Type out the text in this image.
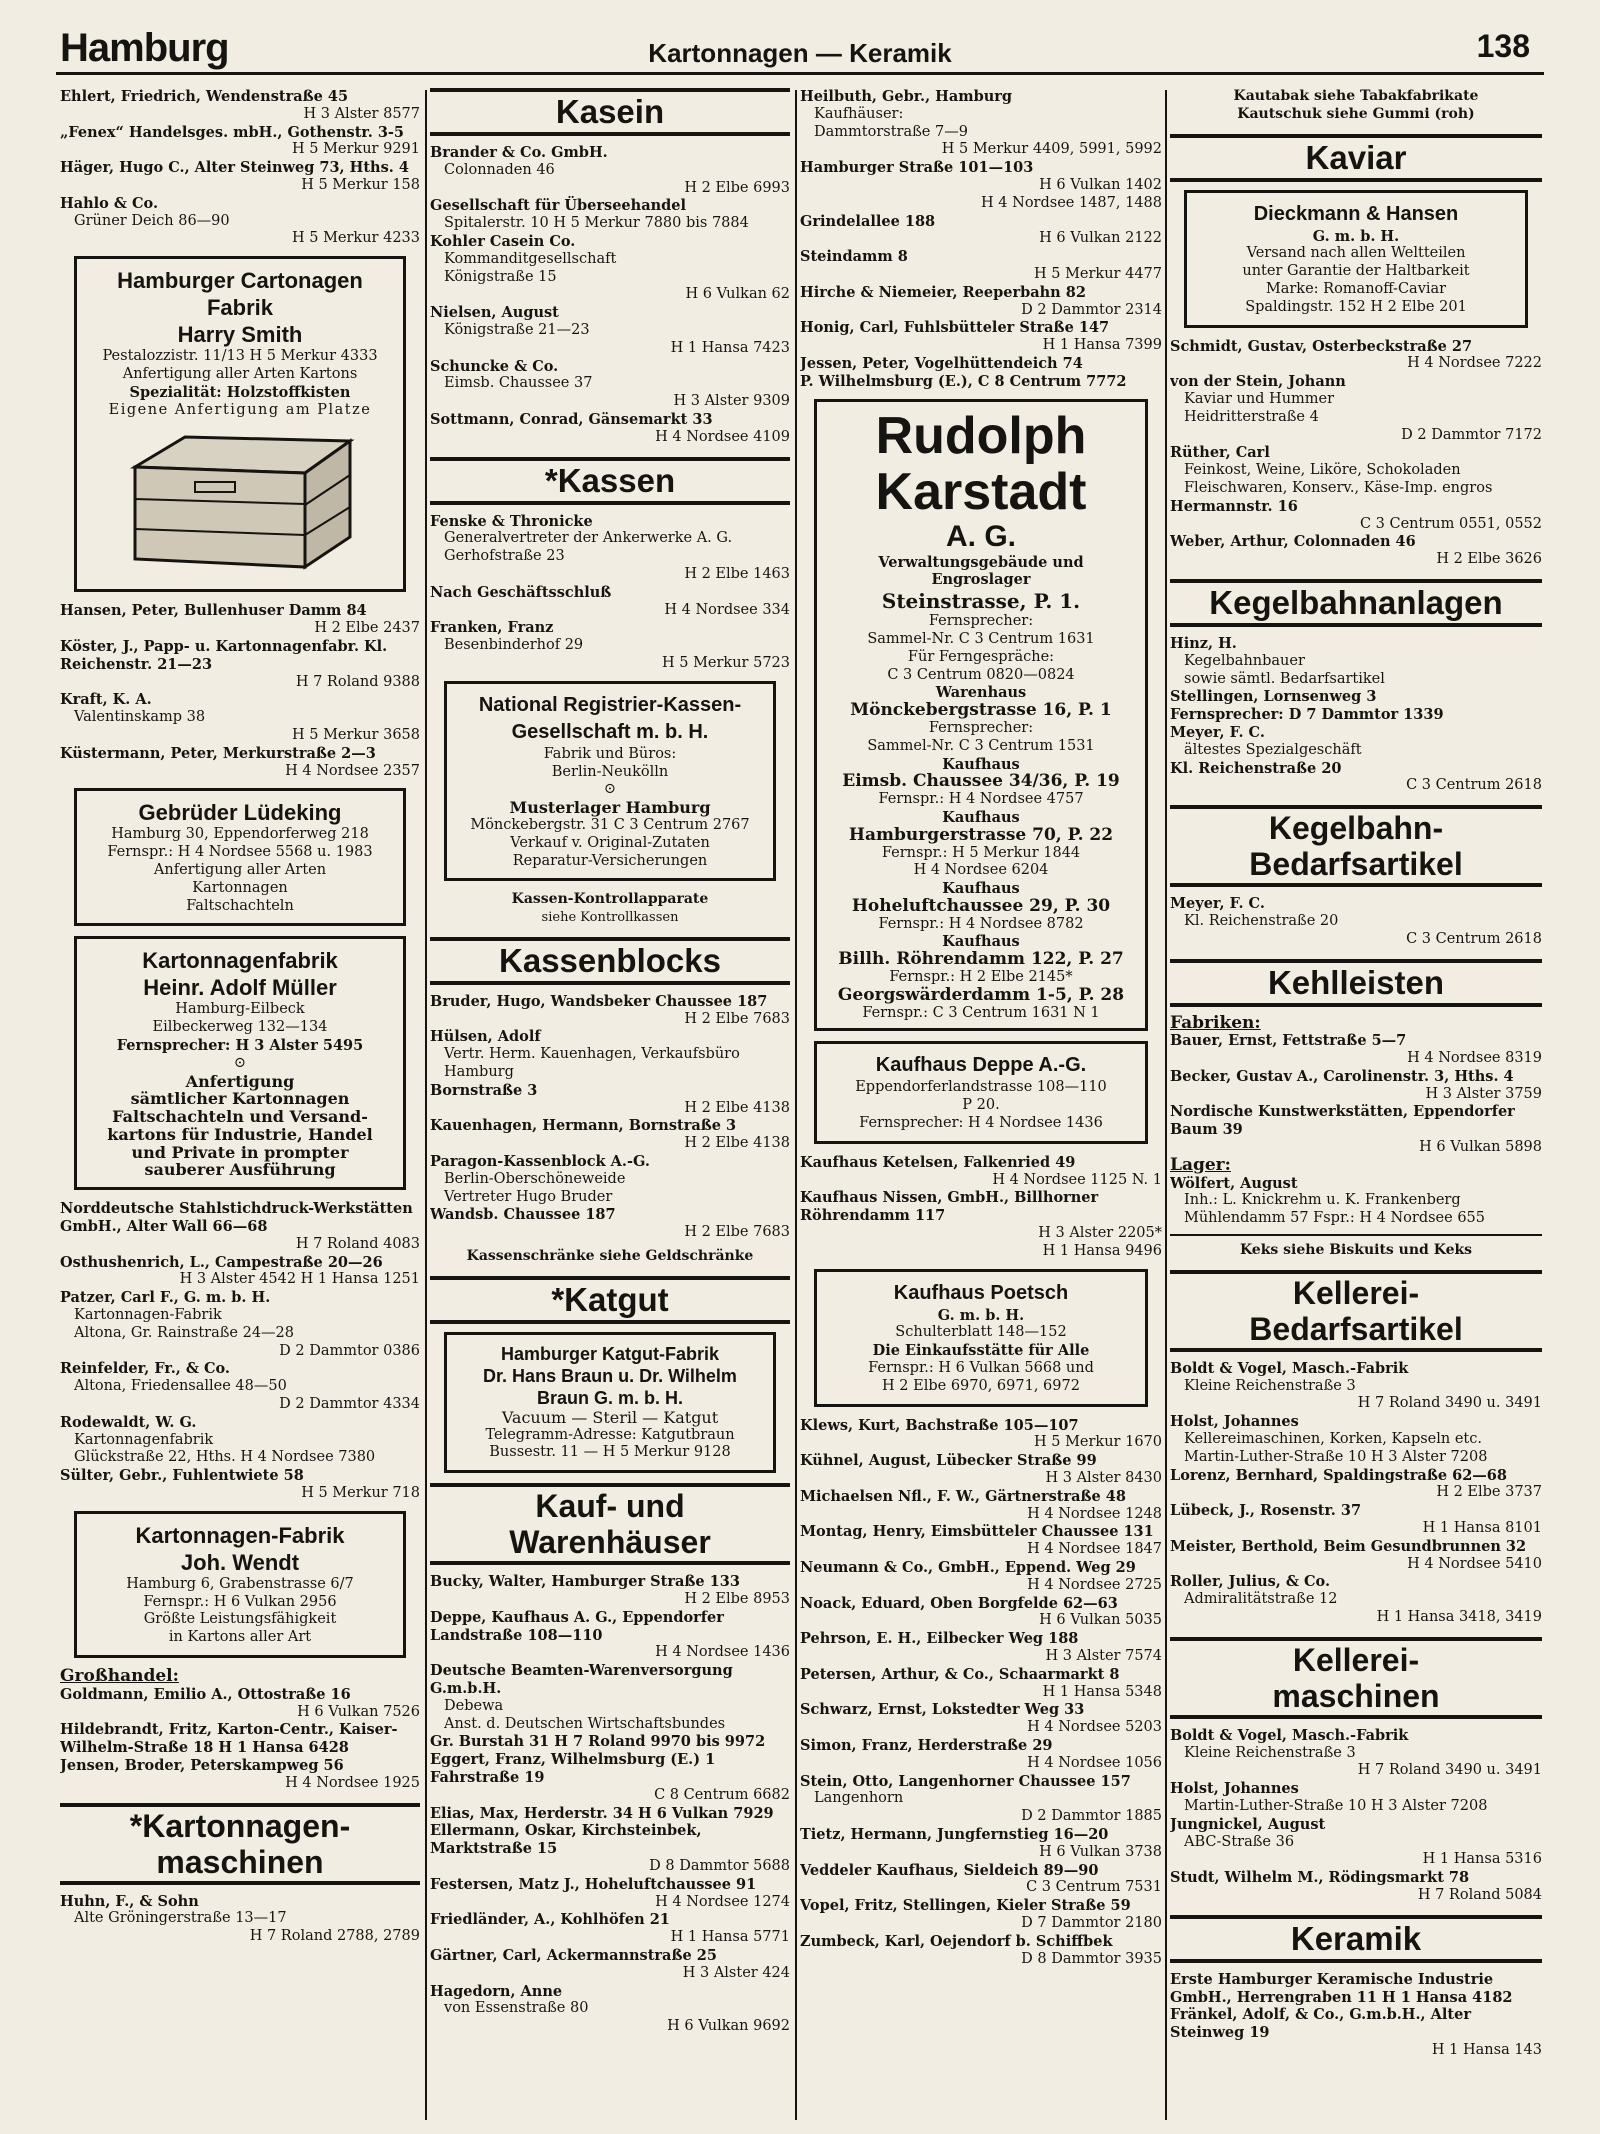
Hamburg	Kartonnagen — Keramik	138
Ehlert, Friedrich, Wendenstraße 45
H 3 Alster 8577
„Fenex“ Handelsges. mbH., Gothenstr. 3-5
H 5 Merkur 9291
Häger, Hugo C., Alter Steinweg 73, Hths. 4
H 5 Merkur 158
Hahlo & Co.
Grüner Deich 86—90
H 5 Merkur 4233
Hamburger Cartonagen Fabrik
Harry Smith
Pestalozzistr. 11/13 H 5 Merkur 4333
Anfertigung aller Arten Kartons
Spezialität: Holzstoffkisten
Eigene Anfertigung am Platze
Hansen, Peter, Bullenhuser Damm 84
H 2 Elbe 2437
Köster, J., Papp- u. Kartonnagenfabr. Kl. Reichenstr. 21—23
H 7 Roland 9388
Kraft, K. A.
Valentinskamp 38
H 5 Merkur 3658
Küstermann, Peter, Merkurstraße 2—3
H 4 Nordsee 2357
Gebrüder Lüdeking
Hamburg 30, Eppendorferweg 218
Fernspr.: H 4 Nordsee 5568 u. 1983
Anfertigung aller Arten
Kartonnagen
Faltschachteln
Kartonnagenfabrik
Heinr. Adolf Müller
Hamburg-Eilbeck
Eilbeckerweg 132—134
Fernsprecher: H 3 Alster 5495
⊙
Anfertigung
sämtlicher Kartonnagen
Faltschachteln und Versand-
kartons für Industrie, Handel
und Private in prompter
sauberer Ausführung
Norddeutsche Stahlstichdruck-Werkstätten GmbH., Alter Wall 66—68
H 7 Roland 4083
Osthushenrich, L., Campestraße 20—26
H 3 Alster 4542 H 1 Hansa 1251
Patzer, Carl F., G. m. b. H.
Kartonnagen-Fabrik
Altona, Gr. Rainstraße 24—28
D 2 Dammtor 0386
Reinfelder, Fr., & Co.
Altona, Friedensallee 48—50
D 2 Dammtor 4334
Rodewaldt, W. G.
Kartonnagenfabrik
Glückstraße 22, Hths. H 4 Nordsee 7380
Sülter, Gebr., Fuhlentwiete 58
H 5 Merkur 718
Kartonnagen-Fabrik
Joh. Wendt
Hamburg 6, Grabenstrasse 6/7
Fernspr.: H 6 Vulkan 2956
Größte Leistungsfähigkeit
in Kartons aller Art
Großhandel:
Goldmann, Emilio A., Ottostraße 16
H 6 Vulkan 7526
Hildebrandt, Fritz, Karton-Centr., Kaiser-Wilhelm-Straße 18 H 1 Hansa 6428
Jensen, Broder, Peterskampweg 56
H 4 Nordsee 1925
*Kartonnagen-
maschinen
Huhn, F., & Sohn
Alte Gröningerstraße 13—17
H 7 Roland 2788, 2789
Kasein
Brander & Co. GmbH.
Colonnaden 46
H 2 Elbe 6993
Gesellschaft für Überseehandel
Spitalerstr. 10 H 5 Merkur 7880 bis 7884
Kohler Casein Co.
Kommanditgesellschaft
Königstraße 15
H 6 Vulkan 62
Nielsen, August
Königstraße 21—23
H 1 Hansa 7423
Schuncke & Co.
Eimsb. Chaussee 37
H 3 Alster 9309
Sottmann, Conrad, Gänsemarkt 33
H 4 Nordsee 4109
*Kassen
Fenske & Thronicke
Generalvertreter der Ankerwerke A. G.
Gerhofstraße 23
H 2 Elbe 1463
Nach Geschäftsschluß
H 4 Nordsee 334
Franken, Franz
Besenbinderhof 29
H 5 Merkur 5723
National Registrier-Kassen-
Gesellschaft m. b. H.
Fabrik und Büros:
Berlin-Neukölln
⊙
Musterlager Hamburg
Mönckebergstr. 31 C 3 Centrum 2767
Verkauf v. Original-Zutaten
Reparatur-Versicherungen
Kassen-Kontrollapparate
siehe Kontrollkassen
Kassenblocks
Bruder, Hugo, Wandsbeker Chaussee 187
H 2 Elbe 7683
Hülsen, Adolf
Vertr. Herm. Kauenhagen, Verkaufsbüro
Hamburg
Bornstraße 3
H 2 Elbe 4138
Kauenhagen, Hermann, Bornstraße 3
H 2 Elbe 4138
Paragon-Kassenblock A.-G.
Berlin-Oberschöneweide
Vertreter Hugo Bruder
Wandsb. Chaussee 187
H 2 Elbe 7683
Kassenschränke siehe Geldschränke
*Katgut
Hamburger Katgut-Fabrik
Dr. Hans Braun u. Dr. Wilhelm
Braun G. m. b. H.
Vacuum — Steril — Katgut
Telegramm-Adresse: Katgutbraun
Bussestr. 11 — H 5 Merkur 9128
Kauf- und
Warenhäuser
Bucky, Walter, Hamburger Straße 133
H 2 Elbe 8953
Deppe, Kaufhaus A. G., Eppendorfer Landstraße 108—110
H 4 Nordsee 1436
Deutsche Beamten-Warenversorgung G.m.b.H.
Debewa
Anst. d. Deutschen Wirtschaftsbundes
Gr. Burstah 31 H 7 Roland 9970 bis 9972
Eggert, Franz, Wilhelmsburg (E.) 1 Fahrstraße 19
C 8 Centrum 6682
Elias, Max, Herderstr. 34 H 6 Vulkan 7929
Ellermann, Oskar, Kirchsteinbek, Marktstraße 15
D 8 Dammtor 5688
Festersen, Matz J., Hoheluftchaussee 91
H 4 Nordsee 1274
Friedländer, A., Kohlhöfen 21
H 1 Hansa 5771
Gärtner, Carl, Ackermannstraße 25
H 3 Alster 424
Hagedorn, Anne
von Essenstraße 80
H 6 Vulkan 9692
Heilbuth, Gebr., Hamburg
Kaufhäuser:
Dammtorstraße 7—9
H 5 Merkur 4409, 5991, 5992
Hamburger Straße 101—103
H 6 Vulkan 1402
H 4 Nordsee 1487, 1488
Grindelallee 188
H 6 Vulkan 2122
Steindamm 8
H 5 Merkur 4477
Hirche & Niemeier, Reeperbahn 82
D 2 Dammtor 2314
Honig, Carl, Fuhlsbütteler Straße 147
H 1 Hansa 7399
Jessen, Peter, Vogelhüttendeich 74
P. Wilhelmsburg (E.), C 8 Centrum 7772
Rudolph
Karstadt
A. G.
Verwaltungsgebäude und
Engroslager
Steinstrasse, P. 1.
Fernsprecher:
Sammel-Nr. C 3 Centrum 1631
Für Ferngespräche:
C 3 Centrum 0820—0824
Warenhaus
Mönckebergstrasse 16, P. 1
Fernsprecher:
Sammel-Nr. C 3 Centrum 1531
Kaufhaus
Eimsb. Chaussee 34/36, P. 19
Fernspr.: H 4 Nordsee 4757
Kaufhaus
Hamburgerstrasse 70, P. 22
Fernspr.: H 5 Merkur 1844
H 4 Nordsee 6204
Kaufhaus
Hoheluftchaussee 29, P. 30
Fernspr.: H 4 Nordsee 8782
Kaufhaus
Billh. Röhrendamm 122, P. 27
Fernspr.: H 2 Elbe 2145*
Georgswärderdamm 1-5, P. 28
Fernspr.: C 3 Centrum 1631 N 1
Kaufhaus Deppe A.-G.
Eppendorferlandstrasse 108—110
P 20.
Fernsprecher: H 4 Nordsee 1436
Kaufhaus Ketelsen, Falkenried 49
H 4 Nordsee 1125 N. 1
Kaufhaus Nissen, GmbH., Billhorner Röhrendamm 117
H 3 Alster 2205*
H 1 Hansa 9496
Kaufhaus Poetsch
G. m. b. H.
Schulterblatt 148—152
Die Einkaufsstätte für Alle
Fernspr.: H 6 Vulkan 5668 und
H 2 Elbe 6970, 6971, 6972
Klews, Kurt, Bachstraße 105—107
H 5 Merkur 1670
Kühnel, August, Lübecker Straße 99
H 3 Alster 8430
Michaelsen Nfl., F. W., Gärtnerstraße 48
H 4 Nordsee 1248
Montag, Henry, Eimsbütteler Chaussee 131
H 4 Nordsee 1847
Neumann & Co., GmbH., Eppend. Weg 29
H 4 Nordsee 2725
Noack, Eduard, Oben Borgfelde 62—63
H 6 Vulkan 5035
Pehrson, E. H., Eilbecker Weg 188
H 3 Alster 7574
Petersen, Arthur, & Co., Schaarmarkt 8
H 1 Hansa 5348
Schwarz, Ernst, Lokstedter Weg 33
H 4 Nordsee 5203
Simon, Franz, Herderstraße 29
H 4 Nordsee 1056
Stein, Otto, Langenhorner Chaussee 157
Langenhorn
D 2 Dammtor 1885
Tietz, Hermann, Jungfernstieg 16—20
H 6 Vulkan 3738
Veddeler Kaufhaus, Sieldeich 89—90
C 3 Centrum 7531
Vopel, Fritz, Stellingen, Kieler Straße 59
D 7 Dammtor 2180
Zumbeck, Karl, Oejendorf b. Schiffbek
D 8 Dammtor 3935
Kautabak siehe Tabakfabrikate
Kautschuk siehe Gummi (roh)
Kaviar
Dieckmann & Hansen
G. m. b. H.
Versand nach allen Weltteilen
unter Garantie der Haltbarkeit
Marke: Romanoff-Caviar
Spaldingstr. 152 H 2 Elbe 201
Schmidt, Gustav, Osterbeckstraße 27
H 4 Nordsee 7222
von der Stein, Johann
Kaviar und Hummer
Heidritterstraße 4
D 2 Dammtor 7172
Rüther, Carl
Feinkost, Weine, Liköre, Schokoladen
Fleischwaren, Konserv., Käse-Imp. engros
Hermannstr. 16
C 3 Centrum 0551, 0552
Weber, Arthur, Colonnaden 46
H 2 Elbe 3626
Kegelbahnanlagen
Hinz, H.
Kegelbahnbauer
sowie sämtl. Bedarfsartikel
Stellingen, Lornsenweg 3
Fernsprecher: D 7 Dammtor 1339
Meyer, F. C.
ältestes Spezialgeschäft
Kl. Reichenstraße 20
C 3 Centrum 2618
Kegelbahn-
Bedarfsartikel
Meyer, F. C.
Kl. Reichenstraße 20
C 3 Centrum 2618
Kehlleisten
Fabriken:
Bauer, Ernst, Fettstraße 5—7
H 4 Nordsee 8319
Becker, Gustav A., Carolinenstr. 3, Hths. 4
H 3 Alster 3759
Nordische Kunstwerkstätten, Eppendorfer Baum 39
H 6 Vulkan 5898
Lager:
Wölfert, August
Inh.: L. Knickrehm u. K. Frankenberg
Mühlendamm 57 Fspr.: H 4 Nordsee 655
Keks siehe Biskuits und Keks
Kellerei-
Bedarfsartikel
Boldt & Vogel, Masch.-Fabrik
Kleine Reichenstraße 3
H 7 Roland 3490 u. 3491
Holst, Johannes
Kellereimaschinen, Korken, Kapseln etc.
Martin-Luther-Straße 10 H 3 Alster 7208
Lorenz, Bernhard, Spaldingstraße 62—68
H 2 Elbe 3737
Lübeck, J., Rosenstr. 37
H 1 Hansa 8101
Meister, Berthold, Beim Gesundbrunnen 32
H 4 Nordsee 5410
Roller, Julius, & Co.
Admiralitätstraße 12
H 1 Hansa 3418, 3419
Kellerei-
maschinen
Boldt & Vogel, Masch.-Fabrik
Kleine Reichenstraße 3
H 7 Roland 3490 u. 3491
Holst, Johannes
Martin-Luther-Straße 10 H 3 Alster 7208
Jungnickel, August
ABC-Straße 36
H 1 Hansa 5316
Studt, Wilhelm M., Rödingsmarkt 78
H 7 Roland 5084
Keramik
Erste Hamburger Keramische Industrie GmbH., Herrengraben 11 H 1 Hansa 4182
Fränkel, Adolf, & Co., G.m.b.H., Alter Steinweg 19
H 1 Hansa 143
